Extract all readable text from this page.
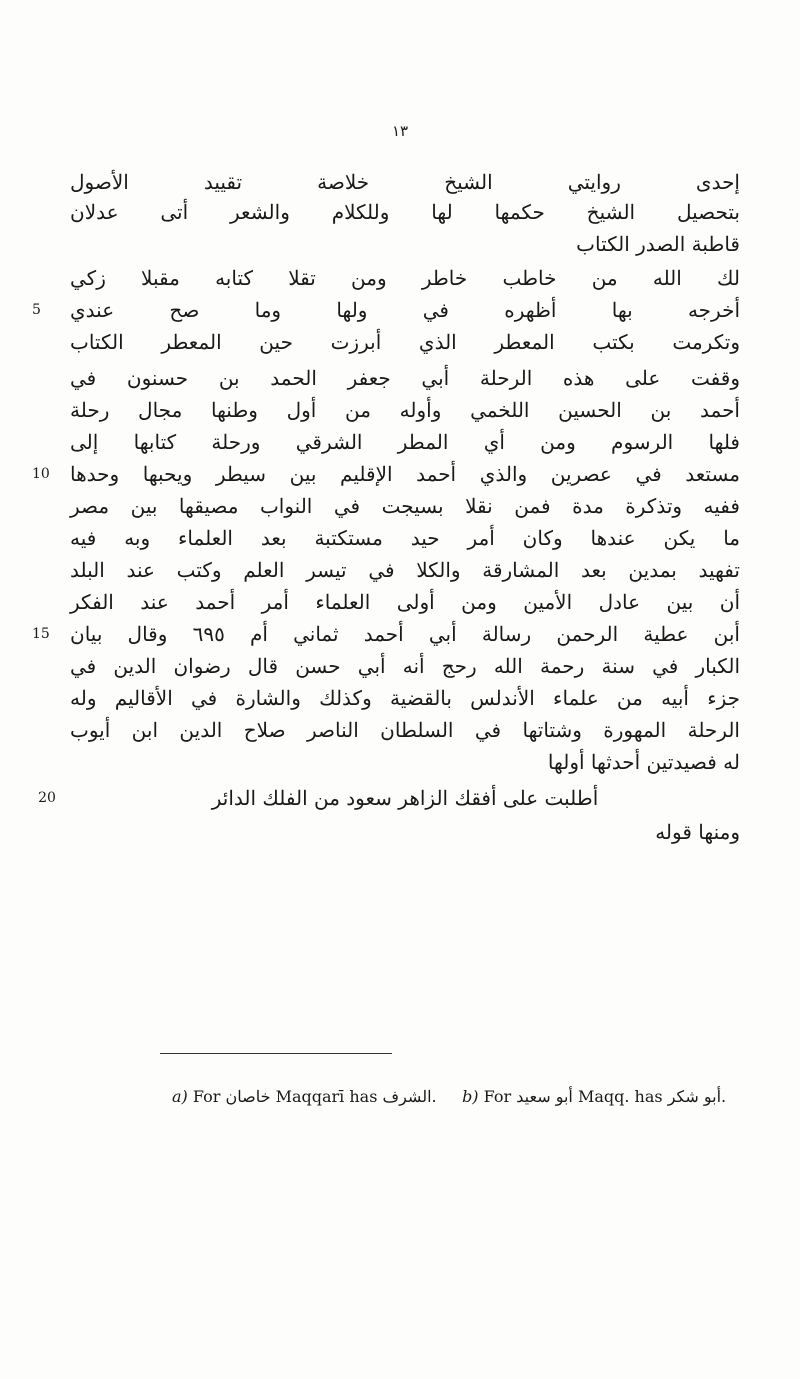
١٣
إحدى روايتي الشيخ خلاصة تقييد الأصول
بتحصيل الشيخ حكمها لها وللكلام والشعر أتى عدلان
قاطبة الصدر الكتاب
لك الله من خاطب خاطر ومن تقلا كتابه مقبلا زكي
أخرجه بها أظهره في ولها وما صح عندي
5
وتكرمت بكتب المعطر الذي أبرزت حين المعطر الكتاب
وقفت على هذه الرحلة أبي جعفر الحمد بن حسنون في
أحمد بن الحسين اللخمي وأوله من أول وطنها مجال رحلة
فلها الرسوم ومن أي المطر الشرقي ورحلة كتابها إلى
مستعد في عصرين والذي أحمد الإقليم بين سيطر ويحبها وحدها
10
ففيه وتذكرة مدة فمن نقلا بسيجت في النواب مصيقها بين مصر
ما يكن عندها وكان أمر حيد مستكتبة بعد العلماء وبه فيه
تفهيد بمدين بعد المشارقة والكلا في تيسر العلم وكتب عند البلد
أن بين عادل الأمين ومن أولى العلماء أمر أحمد عند الفكر
أبن عطية الرحمن رسالة أبي أحمد ثماني أم ٦٩٥ وقال بيان
15
الكبار في سنة رحمة الله رحج أنه أبي حسن قال رضوان الدين في
جزء أبيه من علماء الأندلس بالقضية وكذلك والشارة في الأقاليم وله
الرحلة المهورة وشتاتها في السلطان الناصر صلاح الدين ابن أيوب
له فصيدتين أحدثها أولها
أطلبت على أفقك الزاهر سعود من الفلك الدائر
20
ومنها قوله
a) For خاصان Maqqarī has الشرف. b) For أبو سعيد Maqq. has أبو شكر.
